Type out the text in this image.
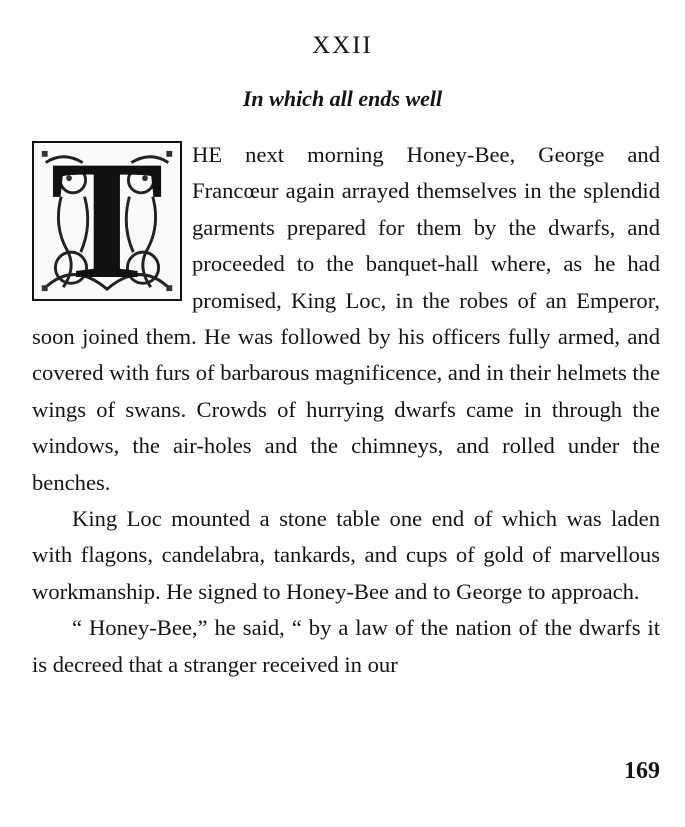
XXII
In which all ends well

T	HE next morning Honey-Bee, George and Francœur again arrayed themselves in the splendid garments prepared for them by the dwarfs, and proceeded to the banquet-hall where, as he had promised, King Loc, in the robes of an Emperor, soon joined them. He was followed by his officers fully armed, and covered with furs of barbarous magnificence, and in their helmets the wings of swans. Crowds of hurrying dwarfs came in through the windows, the air-holes and the chimneys, and rolled under the benches.

King Loc mounted a stone table one end of which was laden with flagons, candelabra, tankards, and cups of gold of marvellous workmanship. He signed to Honey-Bee and to George to approach.

“ Honey-Bee,” he said, “ by a law of the nation of the dwarfs it is decreed that a stranger received in our

169
